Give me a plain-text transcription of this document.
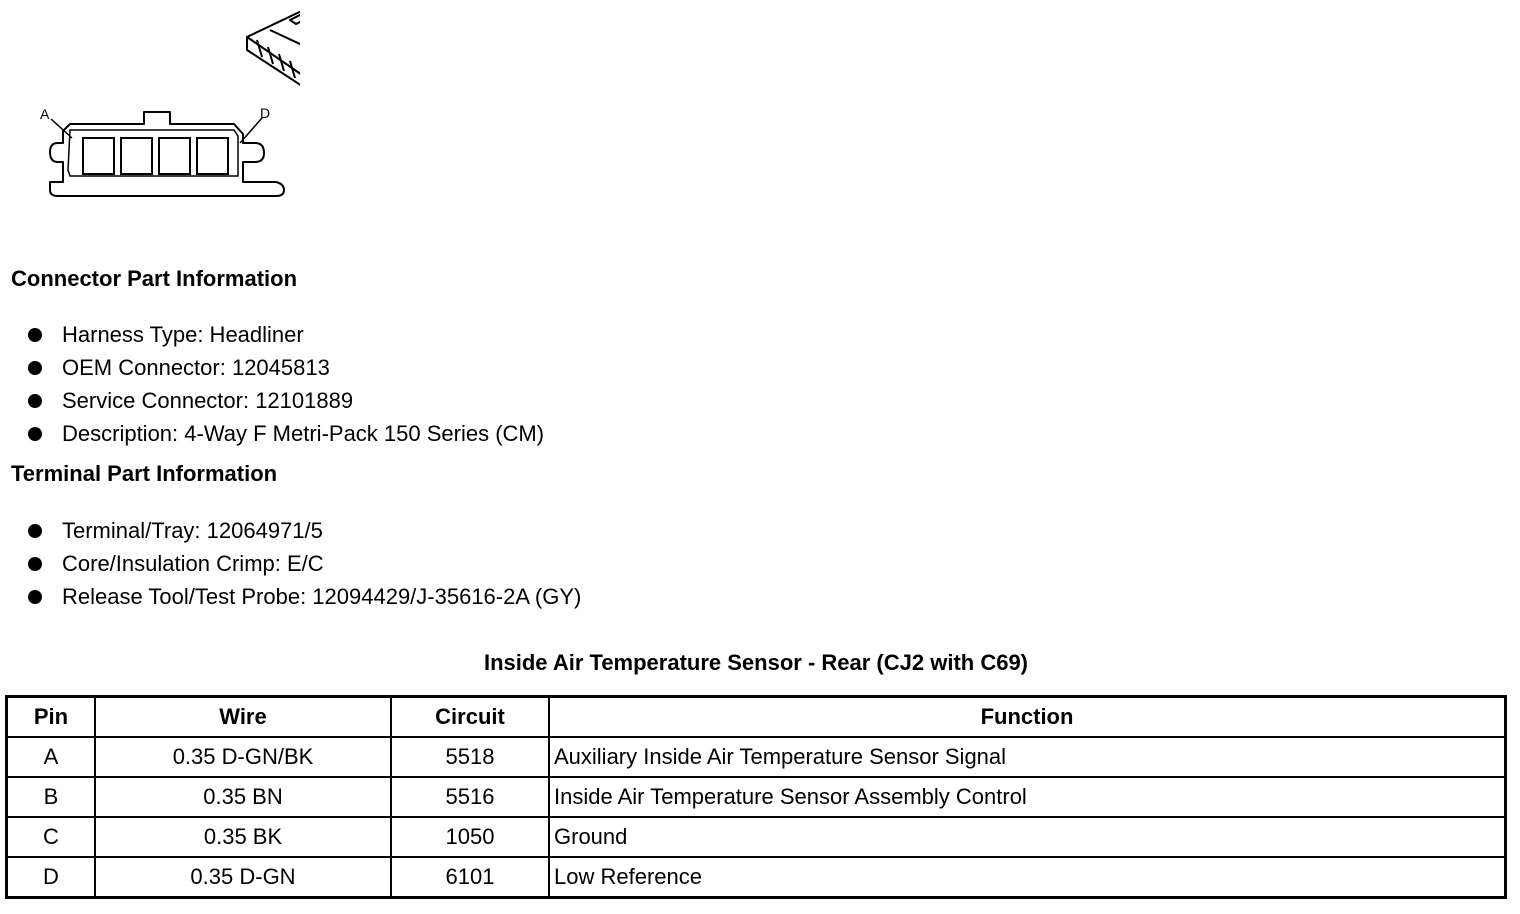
A	D
Connector Part Information
Harness Type: Headliner
OEM Connector: 12045813
Service Connector: 12101889
Description: 4-Way F Metri-Pack 150 Series (CM)
Terminal Part Information
Terminal/Tray: 12064971/5
Core/Insulation Crimp: E/C
Release Tool/Test Probe: 12094429/J-35616-2A (GY)
Inside Air Temperature Sensor - Rear (CJ2 with C69)
Pin	Wire	Circuit	Function
A	0.35 D-GN/BK	5518	Auxiliary Inside Air Temperature Sensor Signal
B	0.35 BN	5516	Inside Air Temperature Sensor Assembly Control
C	0.35 BK	1050	Ground
D	0.35 D-GN	6101	Low Reference
